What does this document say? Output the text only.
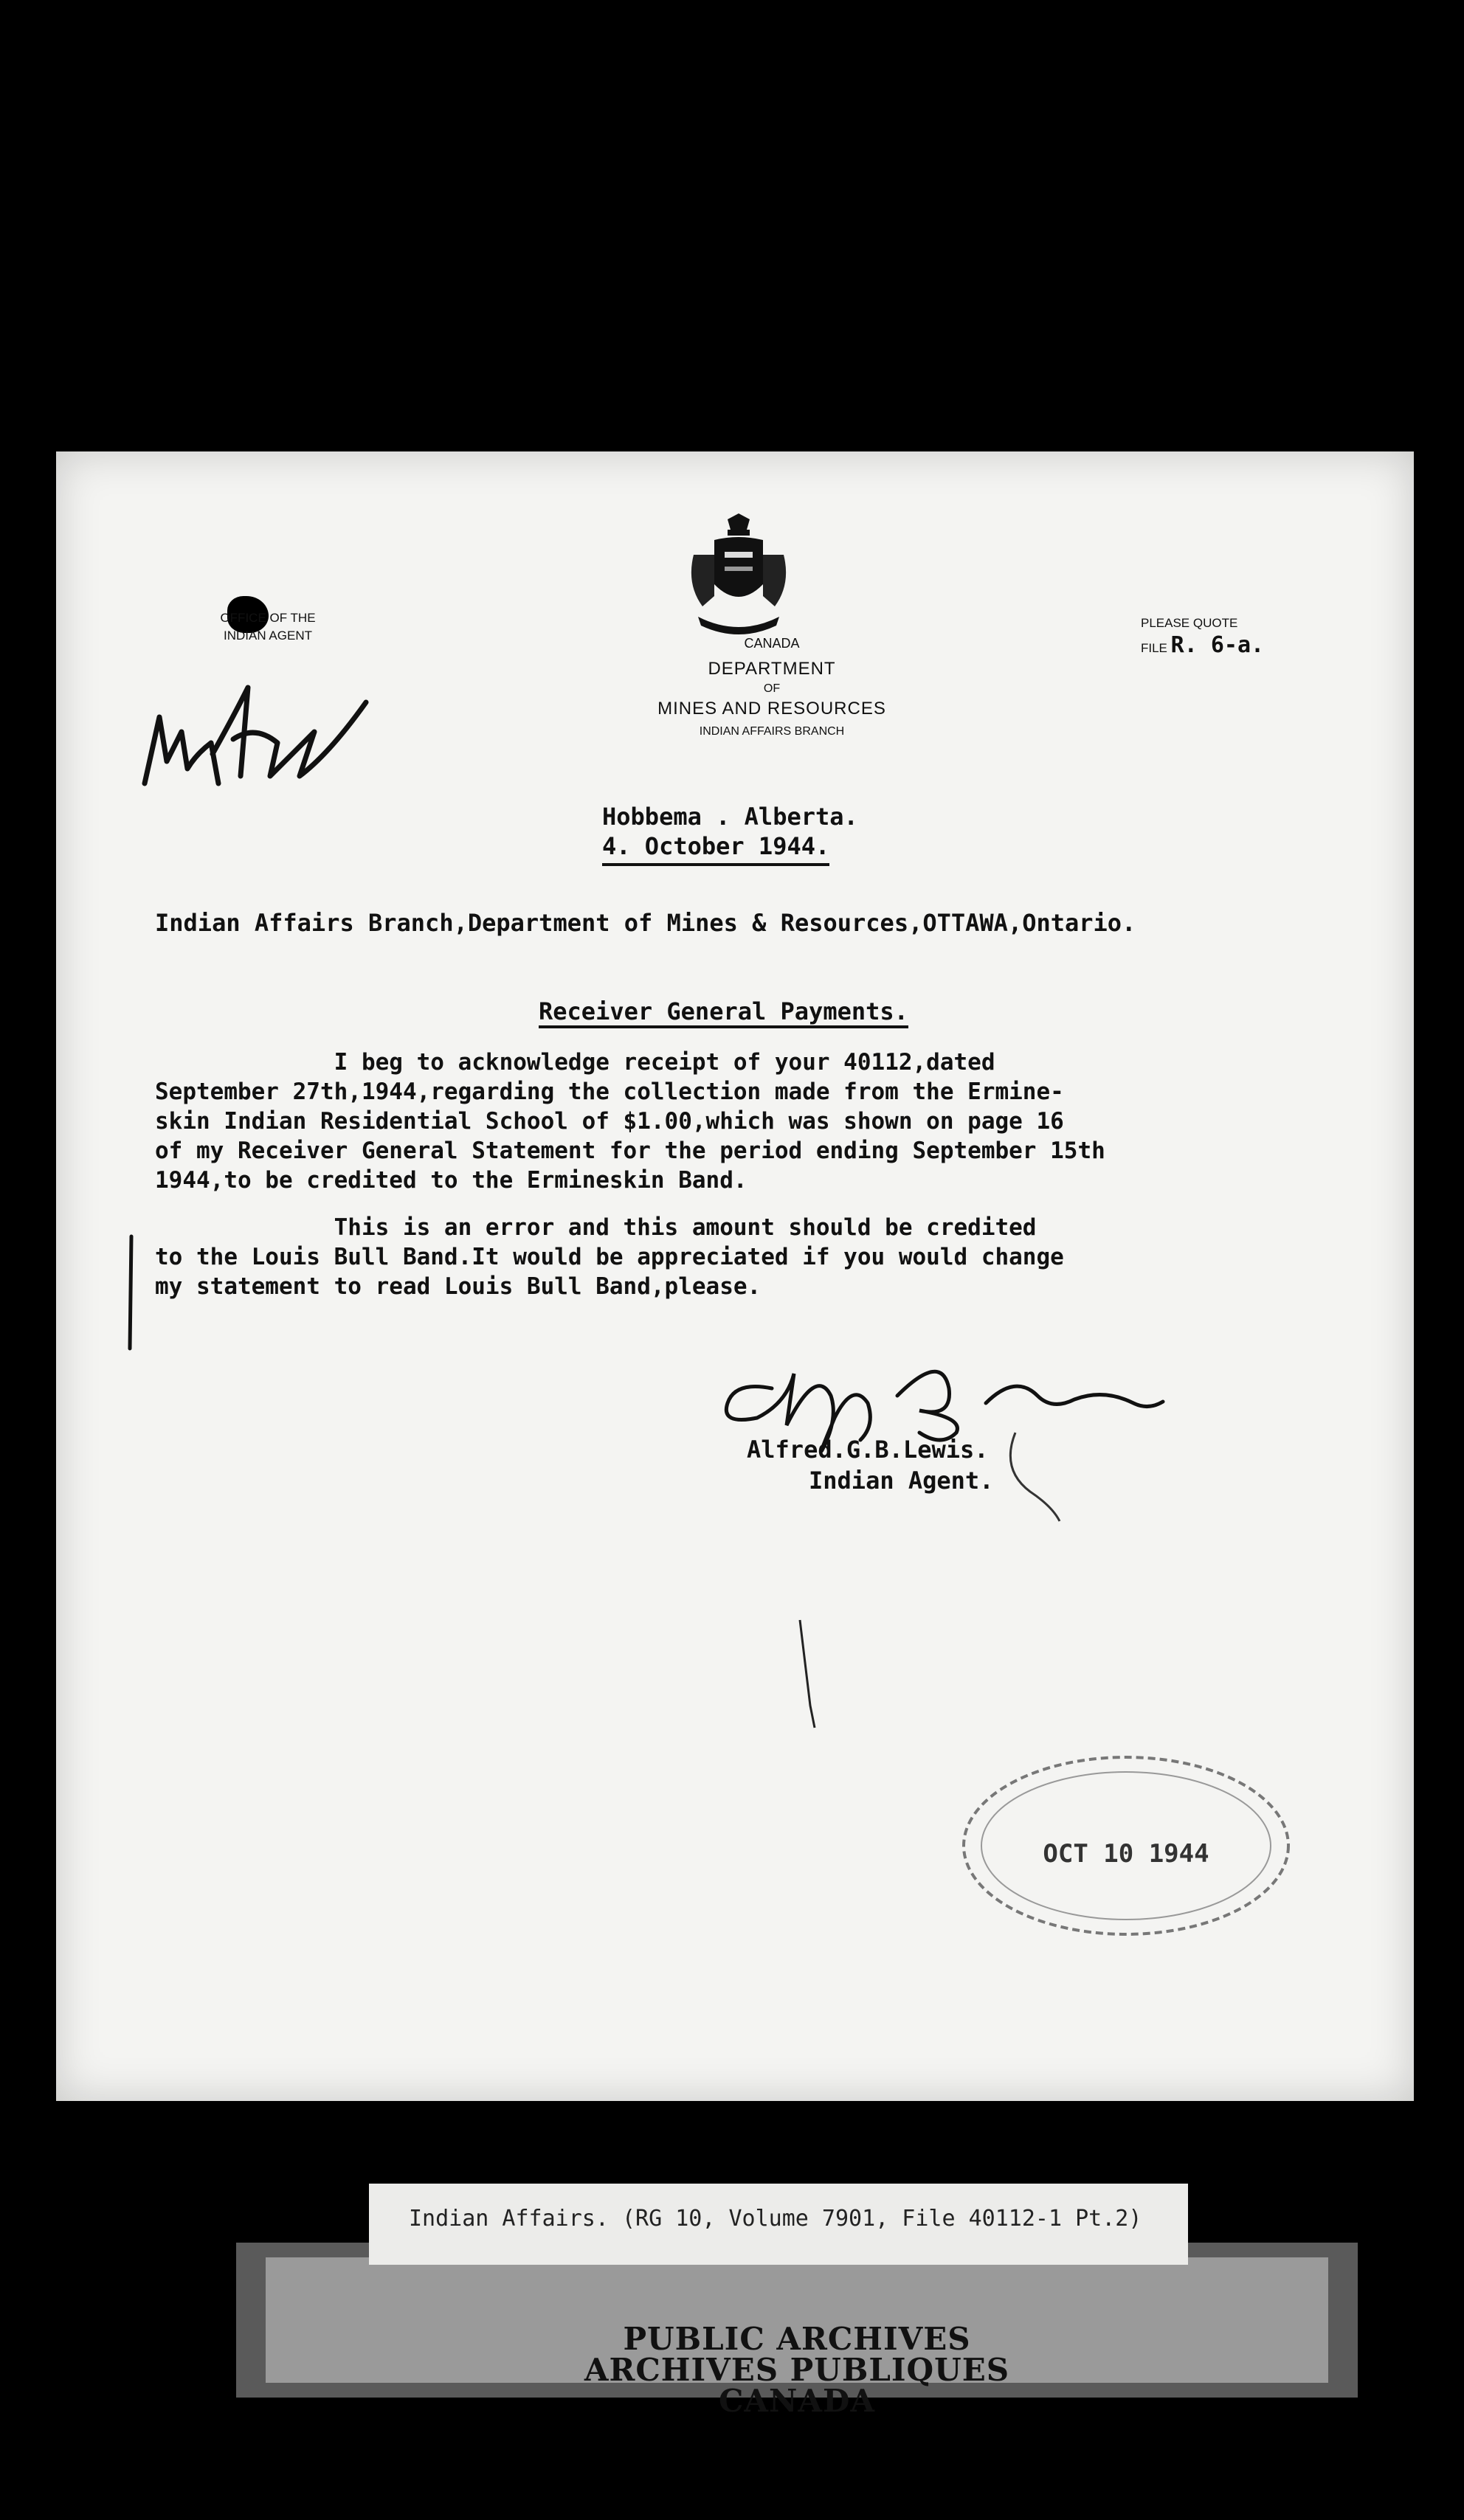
OFFICE OF THE
INDIAN AGENT
CANADA
DEPARTMENT
OF
MINES AND RESOURCES
INDIAN AFFAIRS BRANCH
PLEASE QUOTE
FILE R. 6-a.
Hobbema . Alberta.
4. October 1944.
Indian Affairs Branch,Department of Mines & Resources,OTTAWA,Ontario.
Receiver General Payments.
I beg to acknowledge receipt of your 40112,dated
September 27th,1944,regarding the collection made from the Ermine-
skin Indian Residential School of $1.00,which was shown on page 16
of my Receiver General Statement for the period ending September 15th
1944,to be credited to the Ermineskin Band.
This is an error and this amount should be credited
to the Louis Bull Band.It would be appreciated if you would change
my statement to read Louis Bull Band,please.
Alfred.G.B.Lewis.
Indian Agent.
OCT 10 1944
Indian Affairs. (RG 10, Volume 7901, File 40112-1 Pt.2)
PUBLIC ARCHIVES
ARCHIVES PUBLIQUES
CANADA
